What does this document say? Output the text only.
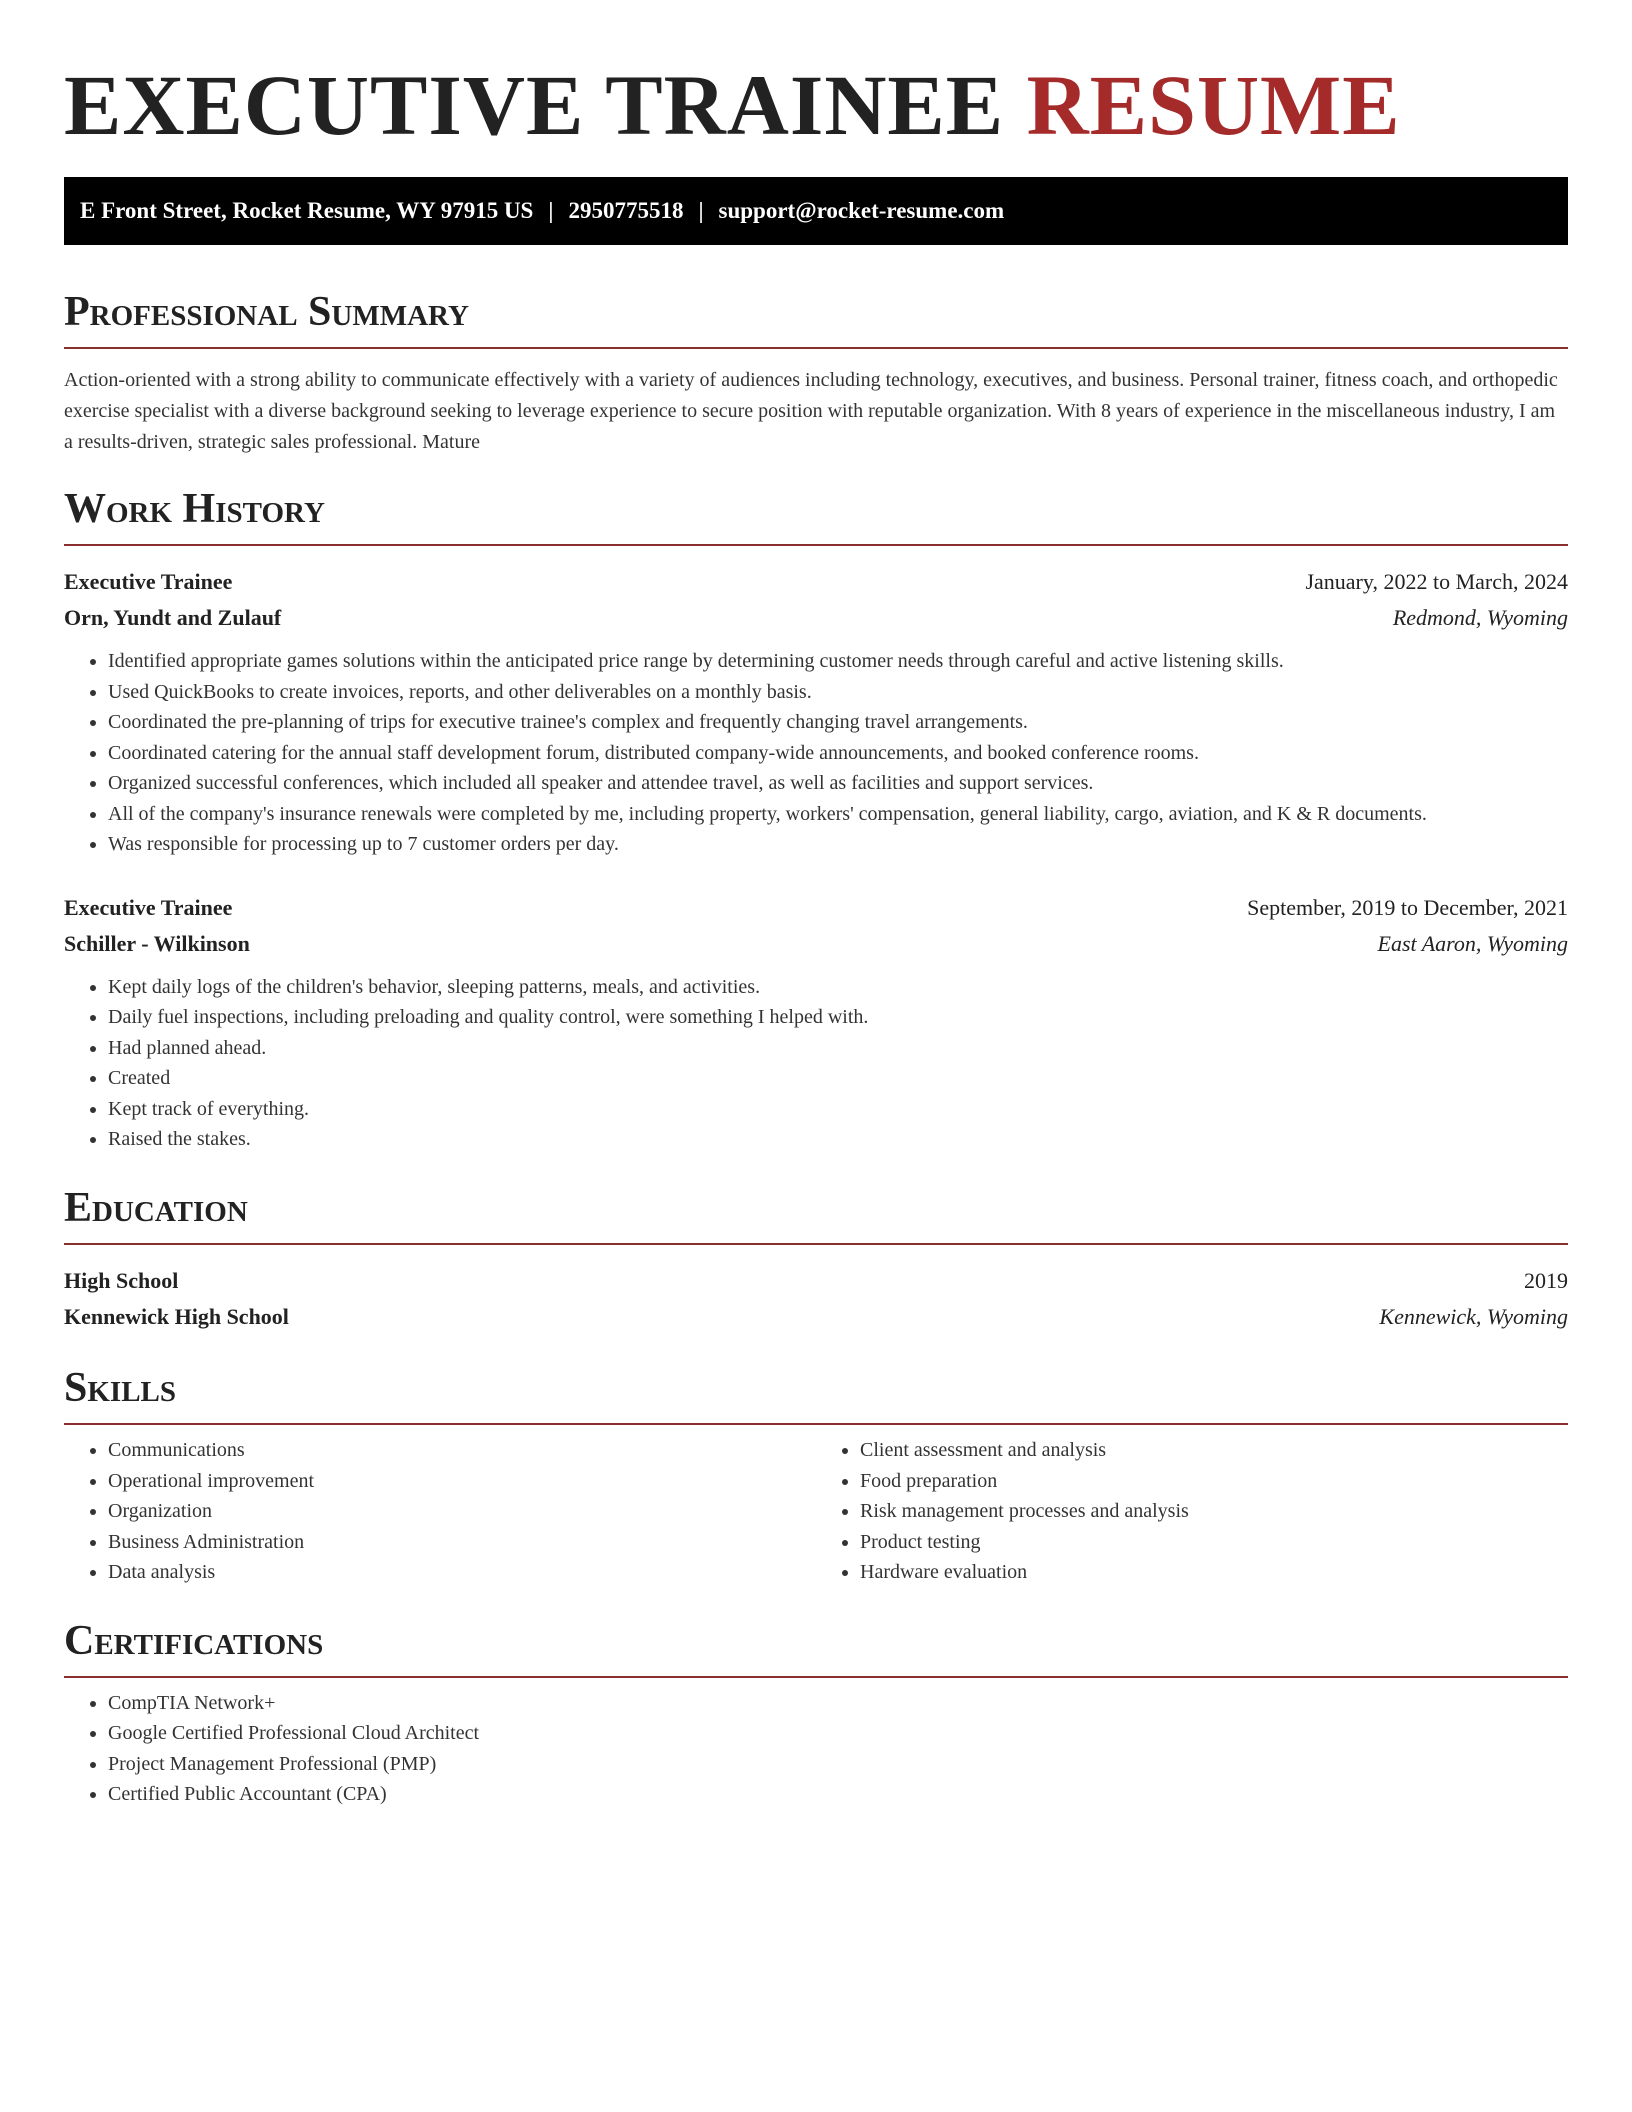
EXECUTIVE TRAINEE RESUME
E Front Street, Rocket Resume, WY 97915 US | 2950775518 | support@rocket-resume.com
Professional Summary

Action-oriented with a strong ability to communicate effectively with a variety of audiences including technology, executives, and business. Personal trainer, fitness coach, and orthopedic exercise specialist with a diverse background seeking to leverage experience to secure position with reputable organization. With 8 years of experience in the miscellaneous industry, I am a results-driven, strategic sales professional. Mature

Work History
Executive Trainee	January, 2022 to March, 2024
Orn, Yundt and Zulauf	Redmond, Wyoming
• Identified appropriate games solutions within the anticipated price range by determining customer needs through careful and active listening skills.
• Used QuickBooks to create invoices, reports, and other deliverables on a monthly basis.
• Coordinated the pre-planning of trips for executive trainee's complex and frequently changing travel arrangements.
• Coordinated catering for the annual staff development forum, distributed company-wide announcements, and booked conference rooms.
• Organized successful conferences, which included all speaker and attendee travel, as well as facilities and support services.
• All of the company's insurance renewals were completed by me, including property, workers' compensation, general liability, cargo, aviation, and K & R documents.
• Was responsible for processing up to 7 customer orders per day.
Executive Trainee	September, 2019 to December, 2021
Schiller - Wilkinson	East Aaron, Wyoming
• Kept daily logs of the children's behavior, sleeping patterns, meals, and activities.
• Daily fuel inspections, including preloading and quality control, were something I helped with.
• Had planned ahead.
• Created
• Kept track of everything.
• Raised the stakes.
Education
High School	2019
Kennewick High School	Kennewick, Wyoming
Skills
• Communications
• Operational improvement
• Organization
• Business Administration
• Data analysis
• Client assessment and analysis
• Food preparation
• Risk management processes and analysis
• Product testing
• Hardware evaluation
Certifications
• CompTIA Network+
• Google Certified Professional Cloud Architect
• Project Management Professional (PMP)
• Certified Public Accountant (CPA)
